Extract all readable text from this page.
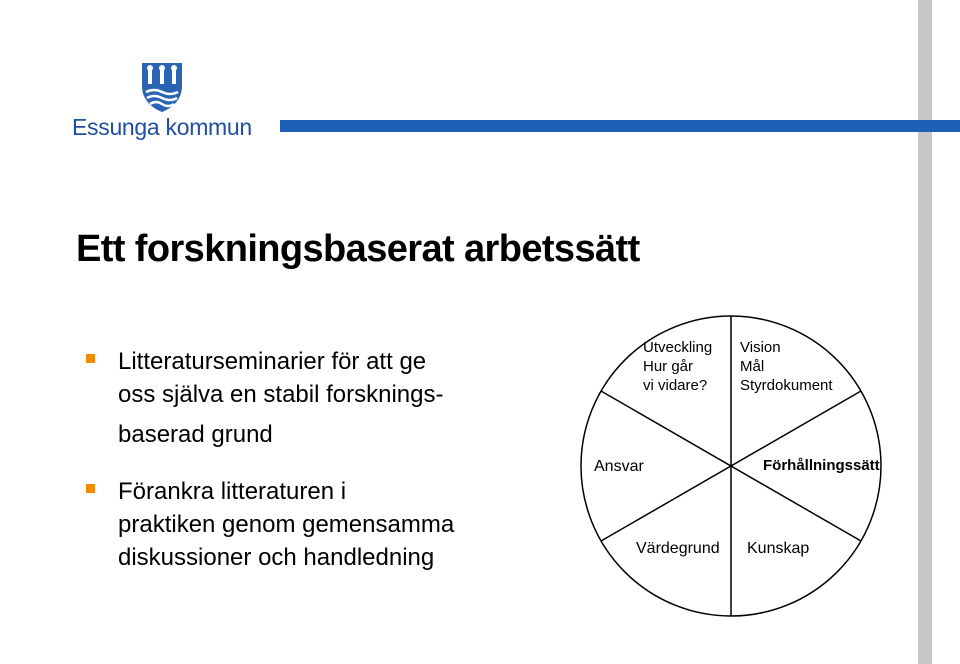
Essunga kommun
Ett forskningsbaserat arbetssätt
Litteraturseminarier för att ge
oss själva en stabil forsknings-
baserad grund
Förankra litteraturen i
praktiken genom gemensamma
diskussioner och handledning
Utveckling
Hur går
vi vidare?
Vision
Mål
Styrdokument
Ansvar	Förhållningssätt
Värdegrund Kunskap
